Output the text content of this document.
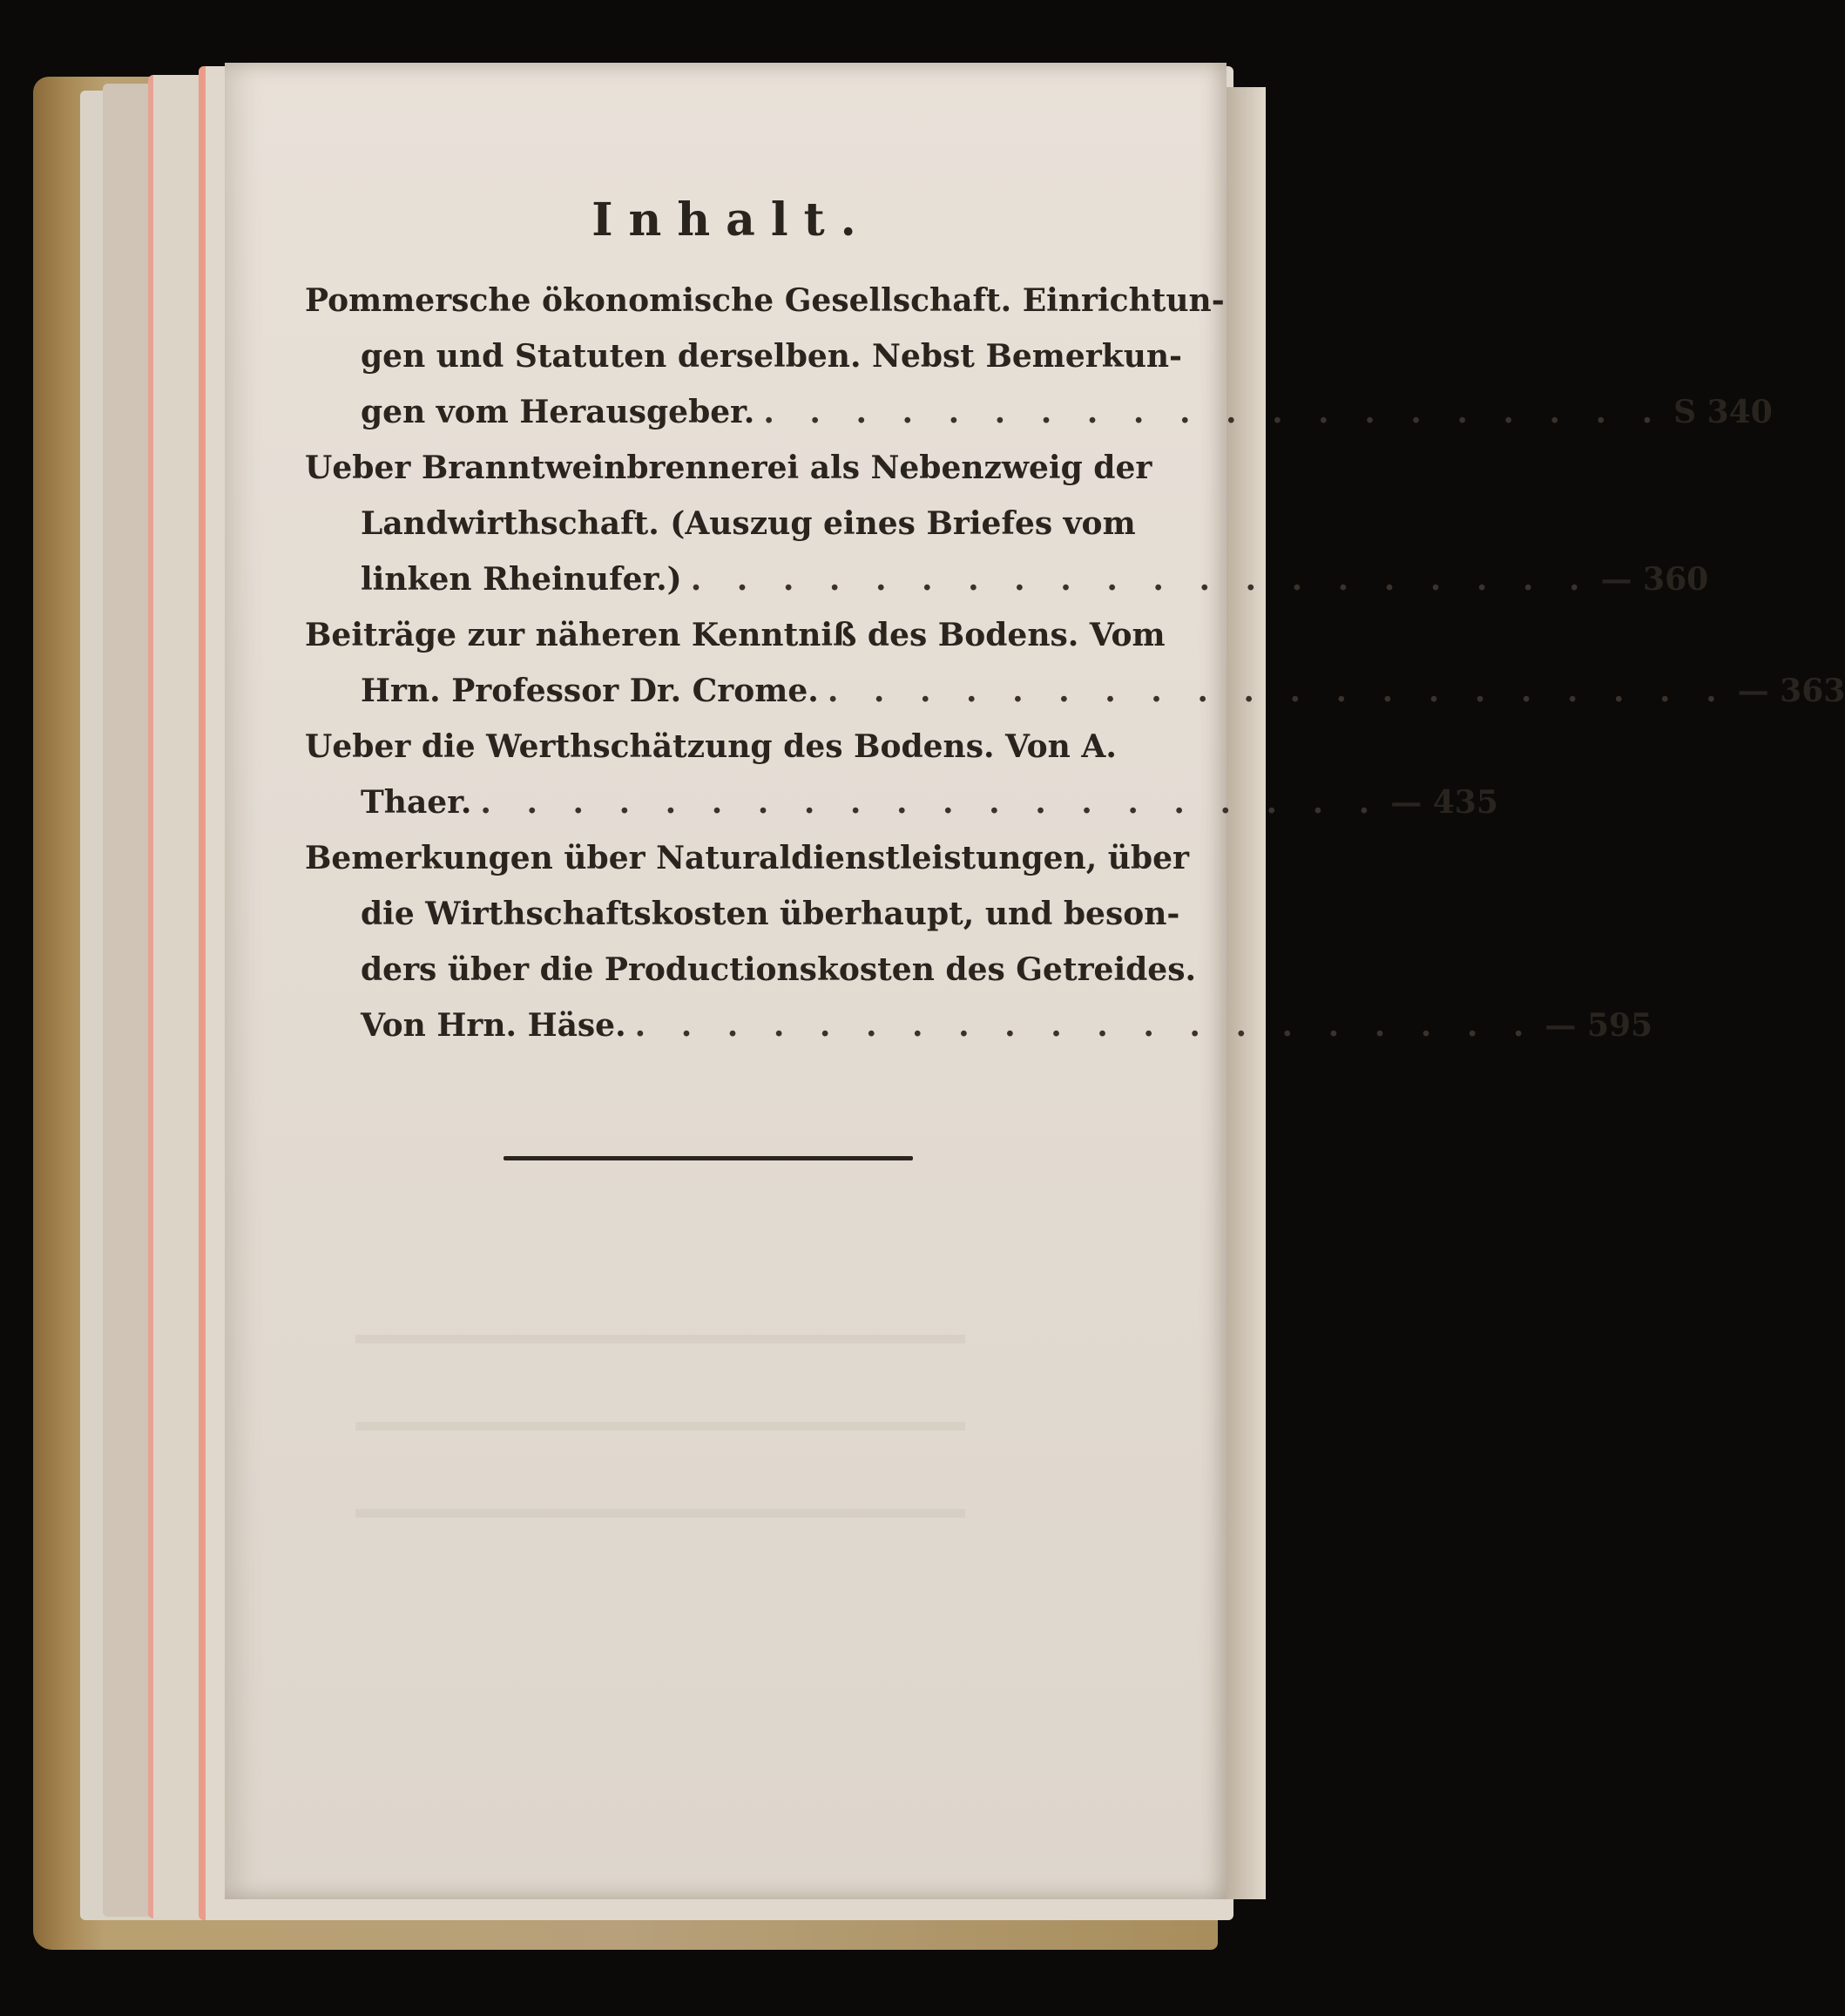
Inhalt.
Pommersche ökonomische Gesellschaft. Einrichtun-
gen und Statuten derselben. Nebst Bemerkun-
gen vom Herausgeber. . . . . . . . . . . . . . . . . . . . . S 340
Ueber Branntweinbrennerei als Nebenzweig der
Landwirthschaft. (Auszug eines Briefes vom
linken Rheinufer.) . . . . . . . . . . . . . . . . . . . . — 360
Beiträge zur näheren Kenntniß des Bodens. Vom
Hrn. Professor Dr. Crome. . . . . . . . . . . . . . . . . . . . . — 363
Ueber die Werthschätzung des Bodens. Von A.
Thaer. . . . . . . . . . . . . . . . . . . . . — 435
Bemerkungen über Naturaldienstleistungen, über
die Wirthschaftskosten überhaupt, und beson-
ders über die Productionskosten des Getreides.
Von Hrn. Häse. . . . . . . . . . . . . . . . . . . . . — 595
